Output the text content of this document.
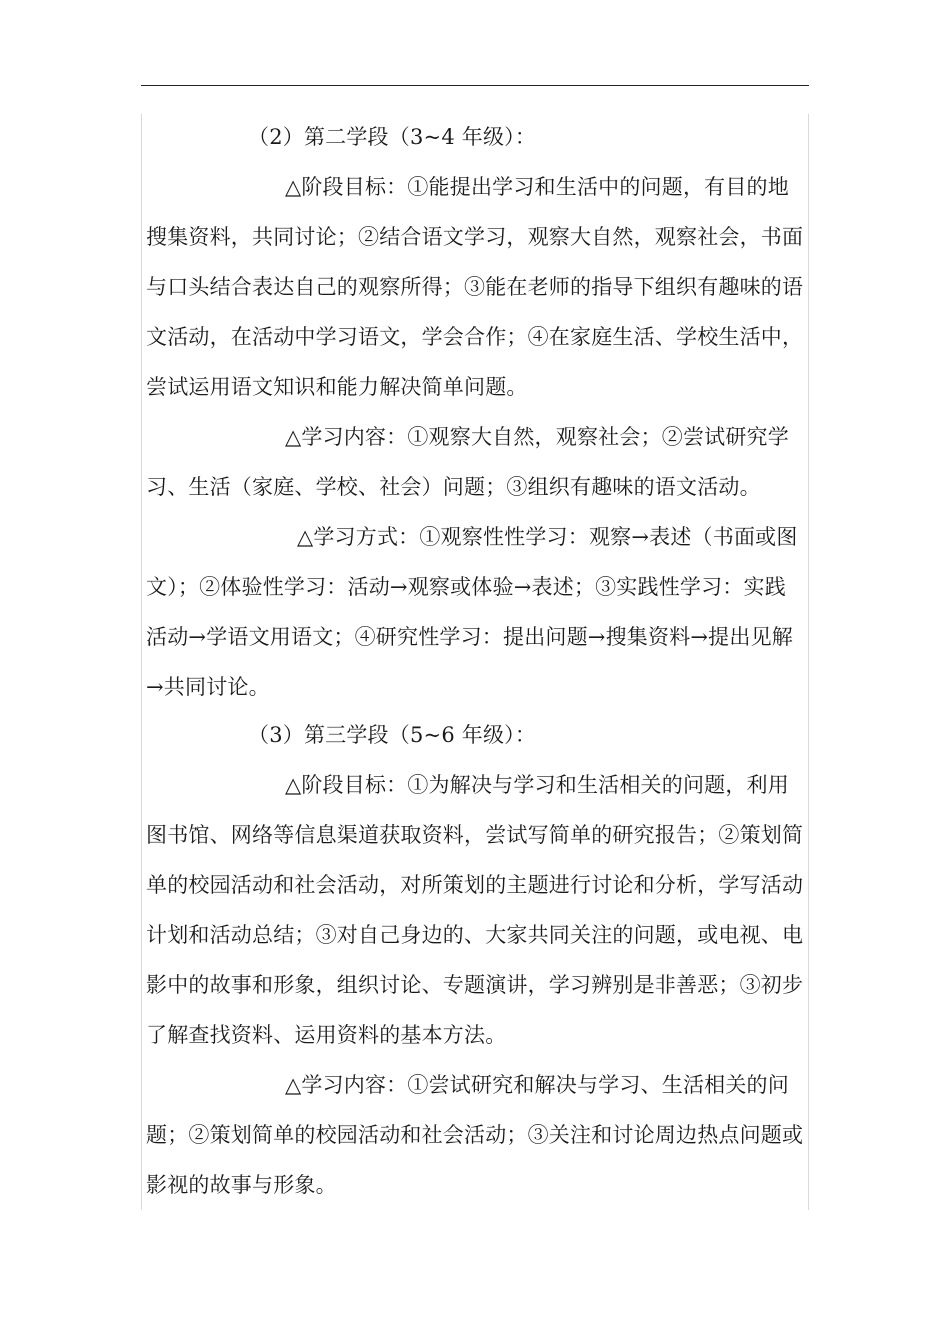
（2）第二学段（3~4 年级）：
△阶段目标：①能提出学习和生活中的问题，有目的地
搜集资料，共同讨论；②结合语文学习，观察大自然，观察社会，书面
与口头结合表达自己的观察所得；③能在老师的指导下组织有趣味的语
文活动，在活动中学习语文，学会合作；④在家庭生活、学校生活中，
尝试运用语文知识和能力解决简单问题。
△学习内容：①观察大自然，观察社会；②尝试研究学
习、生活（家庭、学校、社会）问题；③组织有趣味的语文活动。
△学习方式：①观察性性学习：观察→表述（书面或图
文）；②体验性学习：活动→观察或体验→表述；③实践性学习：实践
活动→学语文用语文；④研究性学习：提出问题→搜集资料→提出见解
→共同讨论。
（3）第三学段（5~6 年级）：
△阶段目标：①为解决与学习和生活相关的问题，利用
图书馆、网络等信息渠道获取资料，尝试写简单的研究报告；②策划简
单的校园活动和社会活动，对所策划的主题进行讨论和分析，学写活动
计划和活动总结；③对自己身边的、大家共同关注的问题，或电视、电
影中的故事和形象，组织讨论、专题演讲，学习辨别是非善恶；③初步
了解查找资料、运用资料的基本方法。
△学习内容：①尝试研究和解决与学习、生活相关的问
题；②策划简单的校园活动和社会活动；③关注和讨论周边热点问题或
影视的故事与形象。
